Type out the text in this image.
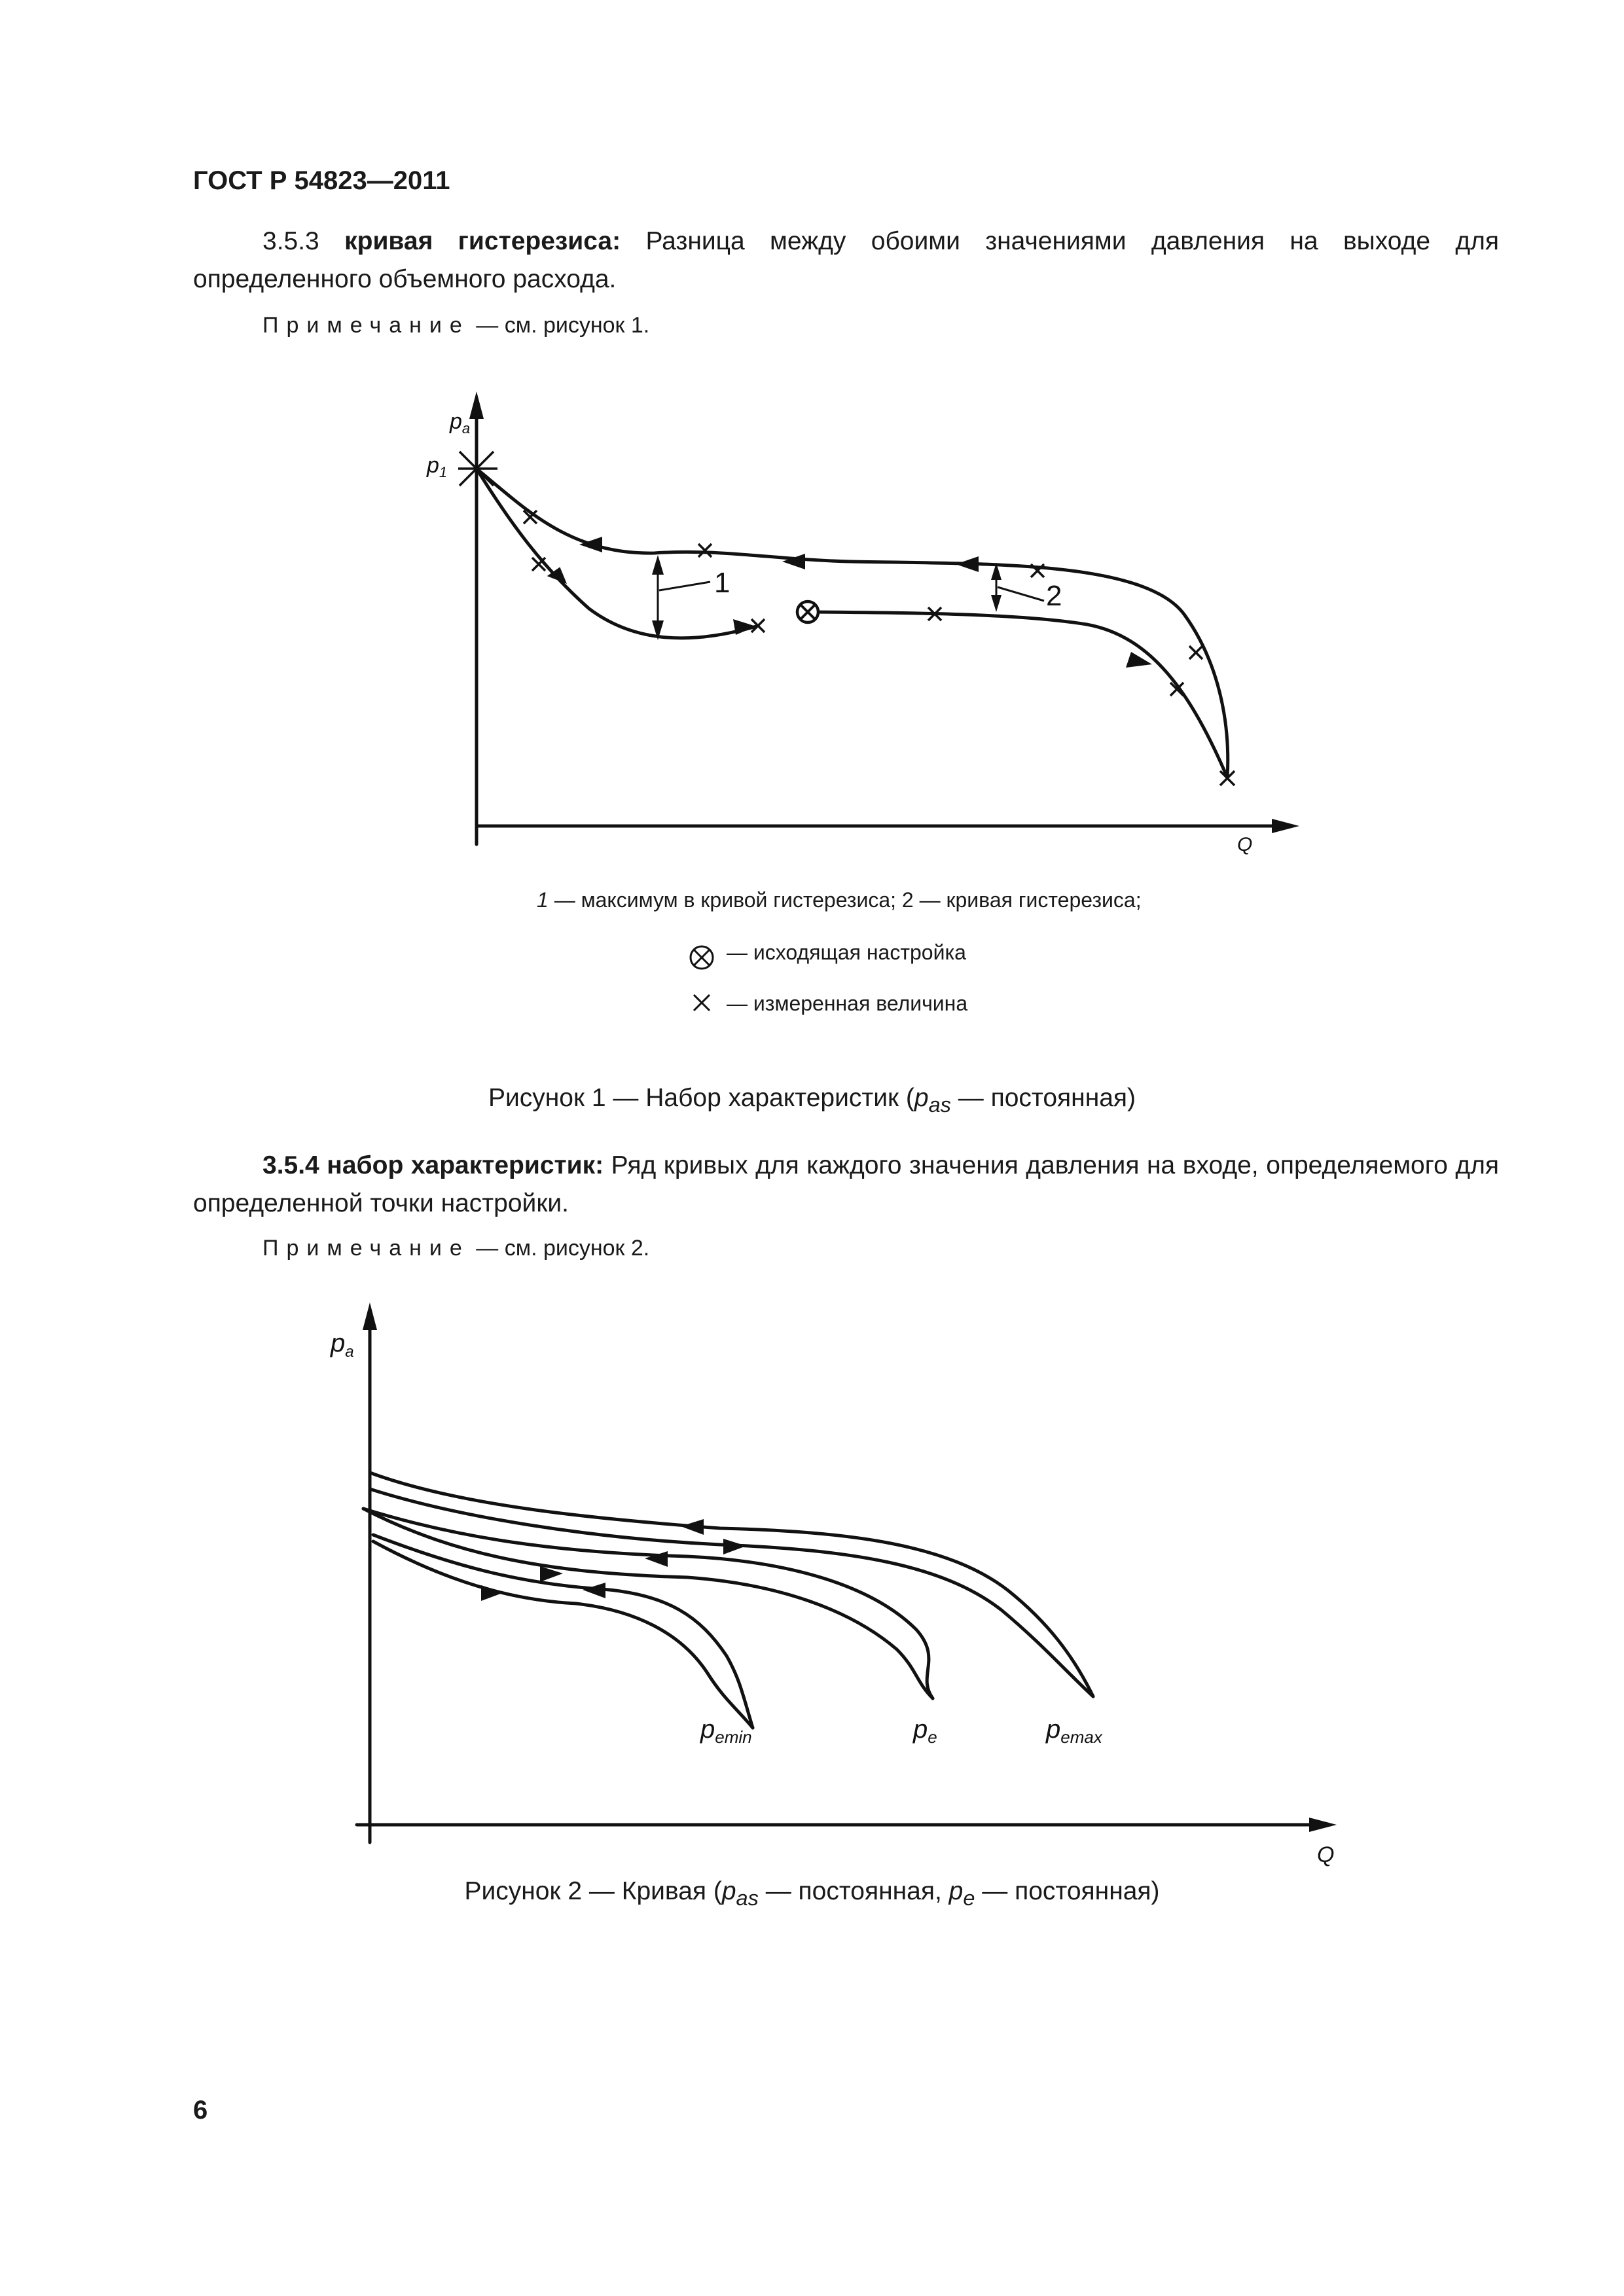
ГОСТ Р 54823—2011
3.5.3 кривая гистерезиса: Разница между обоими значениями давления на выходе для определенного объемного расхода.
Примечание — см. рисунок 1.
1	2
$p_a$
$p_1$
Q
$p_a$
Q
$p_{emin}$	$p_e$	$p_{emax}$
1 — максимум в кривой гистерезиса; 2 — кривая гистерезиса;
— исходящая настройка
— измеренная величина
Рисунок 1 — Набор характеристик ($p_{as}$ — постоянная)
3.5.4 набор характеристик: Ряд кривых для каждого значения давления на входе, определяемого для определенной точки настройки.
Примечание — см. рисунок 2.
Рисунок 2 — Кривая ($p_{as}$ — постоянная, $p_e$ — постоянная)
6
